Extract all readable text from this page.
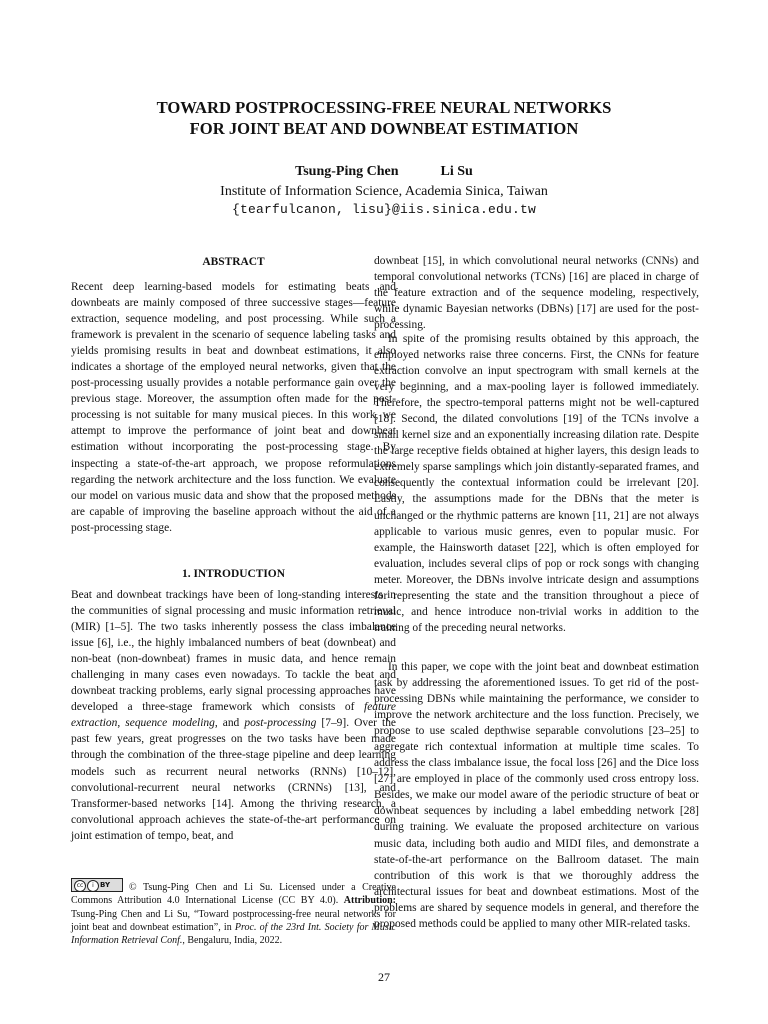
TOWARD POSTPROCESSING-FREE NEURAL NETWORKS
FOR JOINT BEAT AND DOWNBEAT ESTIMATION
Tsung-Ping Chen	Li Su
Institute of Information Science, Academia Sinica, Taiwan
{tearfulcanon, lisu}@iis.sinica.edu.tw
ABSTRACT

Recent deep learning-based models for estimating beats and downbeats are mainly composed of three successive stages—feature extraction, sequence modeling, and post processing. While such a framework is prevalent in the scenario of sequence labeling tasks and yields promising results in beat and downbeat estimations, it also indicates a shortage of the employed neural networks, given that the post-processing usually provides a notable performance gain over the previous stage. Moreover, the assumption often made for the post-processing is not suitable for many musical pieces. In this work, we attempt to improve the performance of joint beat and downbeat estimation without incorporating the post-processing stage. By inspecting a state-of-the-art approach, we propose reformulations regarding the network architecture and the loss function. We evaluate our model on various music data and show that the proposed methods are capable of improving the baseline approach without the aid of a post-processing stage.

1. INTRODUCTION

Beat and downbeat trackings have been of long-standing interests in the communities of signal processing and music information retrieval (MIR) [1–5]. The two tasks inherently possess the class imbalance issue [6], i.e., the highly imbalanced numbers of beat (downbeat) and non-beat (non-downbeat) frames in music data, and hence remain challenging in many cases even nowadays. To tackle the beat and downbeat tracking problems, early signal processing approaches have developed a three-stage framework which consists of feature extraction, sequence modeling, and post-processing [7–9]. Over the past few years, great progresses on the two tasks have been made through the combination of the three-stage pipeline and deep learning models such as recurrent neural networks (RNNs) [10–12], convolutional-recurrent neural networks (CRNNs) [13], and Transformer-based networks [14]. Among the thriving research, a convolutional approach achieves the state-of-the-art performance on joint estimation of tempo, beat, and

cc	i BY © Tsung-Ping Chen and Li Su. Licensed under a Creative Commons Attribution 4.0 International License (CC BY 4.0). Attribution: Tsung-Ping Chen and Li Su, “Toward postprocessing-free neural networks for joint beat and downbeat estimation”, in Proc. of the 23rd Int. Society for Music Information Retrieval Conf., Bengaluru, India, 2022.

downbeat [15], in which convolutional neural networks (CNNs) and temporal convolutional networks (TCNs) [16] are placed in charge of the feature extraction and of the sequence modeling, respectively, while dynamic Bayesian networks (DBNs) [17] are used for the post-processing.

In spite of the promising results obtained by this approach, the employed networks raise three concerns. First, the CNNs for feature extraction convolve an input spectrogram with small kernels at the very beginning, and a max-pooling layer is followed immediately. Therefore, the spectro-temporal patterns might not be well-captured [18]. Second, the dilated convolutions [19] of the TCNs involve a small kernel size and an exponentially increasing dilation rate. Despite the large receptive fields obtained at higher layers, this design leads to extremely sparse samplings which join distantly-separated frames, and consequently the contextual information could be irrelevant [20]. Lastly, the assumptions made for the DBNs that the meter is unchanged or the rhythmic patterns are known [11, 21] are not always applicable to various music genres, even to popular music. For example, the Hainsworth dataset [22], which is often employed for evaluation, includes several clips of pop or rock songs with changing meter. Moreover, the DBNs involve intricate design and assumptions for representing the state and the transition throughout a piece of music, and hence introduce non-trivial works in addition to the training of the preceding neural networks.

In this paper, we cope with the joint beat and downbeat estimation task by addressing the aforementioned issues. To get rid of the post-processing DBNs while maintaining the performance, we consider to improve the network architecture and the loss function. Precisely, we propose to use scaled depthwise separable convolutions [23–25] to aggregate rich contextual information at multiple time scales. To address the class imbalance issue, the focal loss [26] and the Dice loss [27] are employed in place of the commonly used cross entropy loss. Besides, we make our model aware of the periodic structure of beat or downbeat sequences by including a label embedding network [28] during training. We evaluate the proposed architecture on various music data, including both audio and MIDI files, and demonstrate a state-of-the-art performance on the Ballroom dataset. The main contribution of this work is that we thoroughly address the architectural issues for beat and downbeat estimations. Most of the problems are shared by sequence models in general, and therefore the proposed methods could be applied to many other MIR-related tasks.

27
